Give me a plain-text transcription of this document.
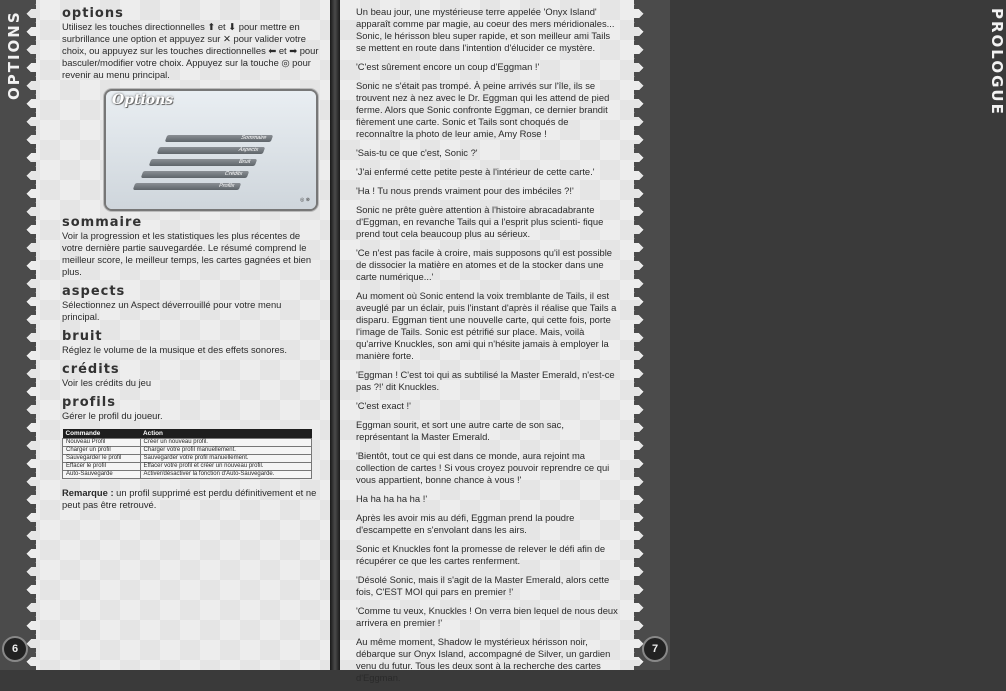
OPTIONS	options

Utilisez les touches directionnelles ⬆ et ⬇ pour mettre en surbrillance une option et appuyez sur ✕ pour valider votre choix, ou appuyez sur les touches directionnelles ⬅ et ➡ pour basculer/modifier votre choix. Appuyez sur la touche ◎ pour revenir au menu principal.

Options
Sommaire
Aspects
Bruit
Crédits
Profils
◎ ⊗
sommaire

Voir la progression et les statistiques les plus récentes de votre dernière partie sauvegardée. Le résumé comprend le meilleur score, le meilleur temps, les cartes gagnées et bien plus.

aspects

Sélectionnez un Aspect déverrouillé pour votre menu principal.

bruit

Réglez le volume de la musique et des effets sonores.

crédits

Voir les crédits du jeu

profils

Gérer le profil du joueur.

Commande	Action
Nouveau Profil	Créer un nouveau profil.
Charger un profil	Charger votre profil manuellement.
Sauvegarder le profil	Sauvegarder votre profil manuellement.
Effacer le profil	Effacer votre profil et créer un nouveau profil.
Auto-Sauvegarde	Activer/désactiver la fonction d'Auto-Sauvegarde.

Remarque : un profil supprimé est perdu définitivement et ne peut pas être retrouvé.

6
PROLOGUE

Un beau jour, une mystérieuse terre appelée 'Onyx Island' apparaît comme par magie, au coeur des mers méridionales... Sonic, le hérisson bleu super rapide, et son meilleur ami Tails se mettent en route dans l'intention d'élucider ce mystère.

'C'est sûrement encore un coup d'Eggman !'

Sonic ne s'était pas trompé. À peine arrivés sur l'île, ils se trouvent nez à nez avec le Dr. Eggman qui les attend de pied ferme. Alors que Sonic confronte Eggman, ce dernier brandit fièrement une carte. Sonic et Tails sont choqués de reconnaître la photo de leur amie, Amy Rose !

'Sais-tu ce que c'est, Sonic ?'

'J'ai enfermé cette petite peste à l'intérieur de cette carte.'

'Ha ! Tu nous prends vraiment pour des imbéciles ?!'

Sonic ne prête guère attention à l'histoire abracadabrante d'Eggman, en revanche Tails qui a l'esprit plus scienti- fique prend tout cela beaucoup plus au sérieux.

'Ce n'est pas facile à croire, mais supposons qu'il est possible de dissocier la matière en atomes et de la stocker dans une carte numérique...'

Au moment où Sonic entend la voix tremblante de Tails, il est aveuglé par un éclair, puis l'instant d'après il réalise que Tails a disparu. Eggman tient une nouvelle carte, qui cette fois, porte l'image de Tails. Sonic est pétrifié sur place. Mais, voilà qu'arrive Knuckles, son ami qui n'hésite jamais à employer la manière forte.

'Eggman ! C'est toi qui as subtilisé la Master Emerald, n'est-ce pas ?!' dit Knuckles.

'C'est exact !'

Eggman sourit, et sort une autre carte de son sac, représentant la Master Emerald.

'Bientôt, tout ce qui est dans ce monde, aura rejoint ma collection de cartes ! Si vous croyez pouvoir reprendre ce qui vous appartient, bonne chance à vous !'

Ha ha ha ha ha !'

Après les avoir mis au défi, Eggman prend la poudre d'escampette en s'envolant dans les airs.

Sonic et Knuckles font la promesse de relever le défi afin de récupérer ce que les cartes renferment.

'Désolé Sonic, mais il s'agit de la Master Emerald, alors cette fois, C'EST MOI qui pars en premier !'

'Comme tu veux, Knuckles ! On verra bien lequel de nous deux arrivera en premier !'

Au même moment, Shadow le mystérieux hérisson noir, débarque sur Onyx Island, accompagné de Silver, un gardien venu du futur. Tous les deux sont à la recherche des cartes d'Eggman.

7
